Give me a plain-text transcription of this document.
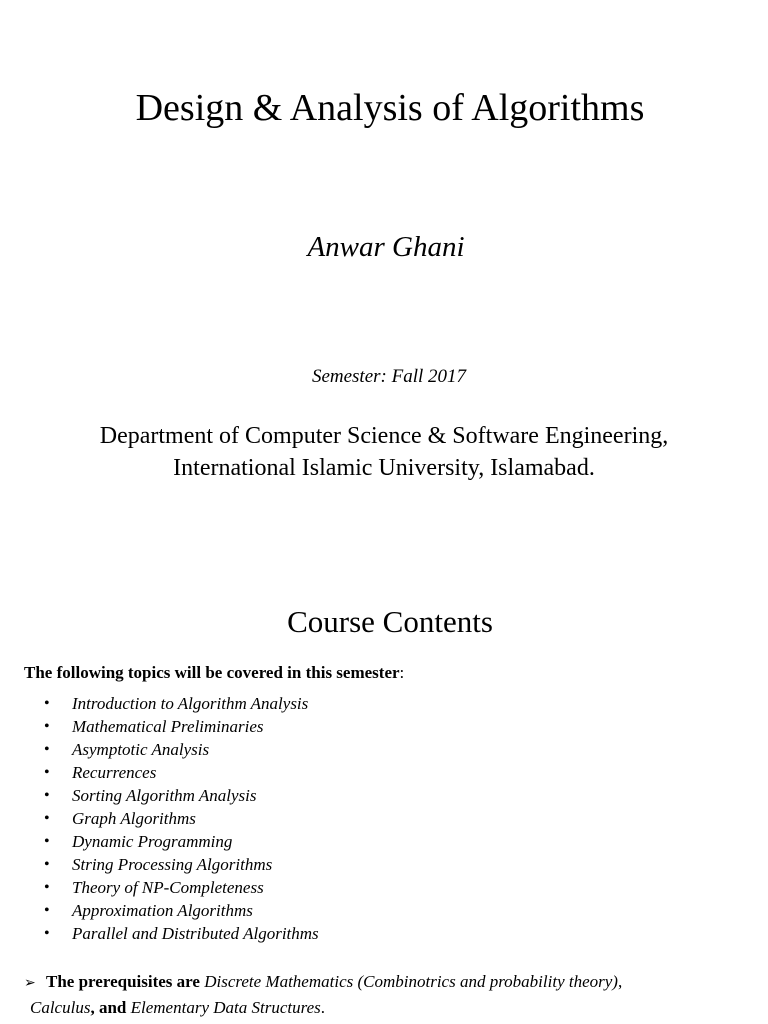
Design & Analysis of Algorithms
Anwar Ghani
Semester: Fall 2017
Department of Computer Science & Software Engineering,
International Islamic University, Islamabad.
Course Contents
The following topics will be covered in this semester:
• Introduction to Algorithm Analysis
• Mathematical Preliminaries
• Asymptotic Analysis
• Recurrences
• Sorting Algorithm Analysis
• Graph Algorithms
• Dynamic Programming
• String Processing Algorithms
• Theory of NP-Completeness
• Approximation Algorithms
• Parallel and Distributed Algorithms
➢ The prerequisites are Discrete Mathematics (Combinotrics and probability theory),
Calculus, and Elementary Data Structures.
